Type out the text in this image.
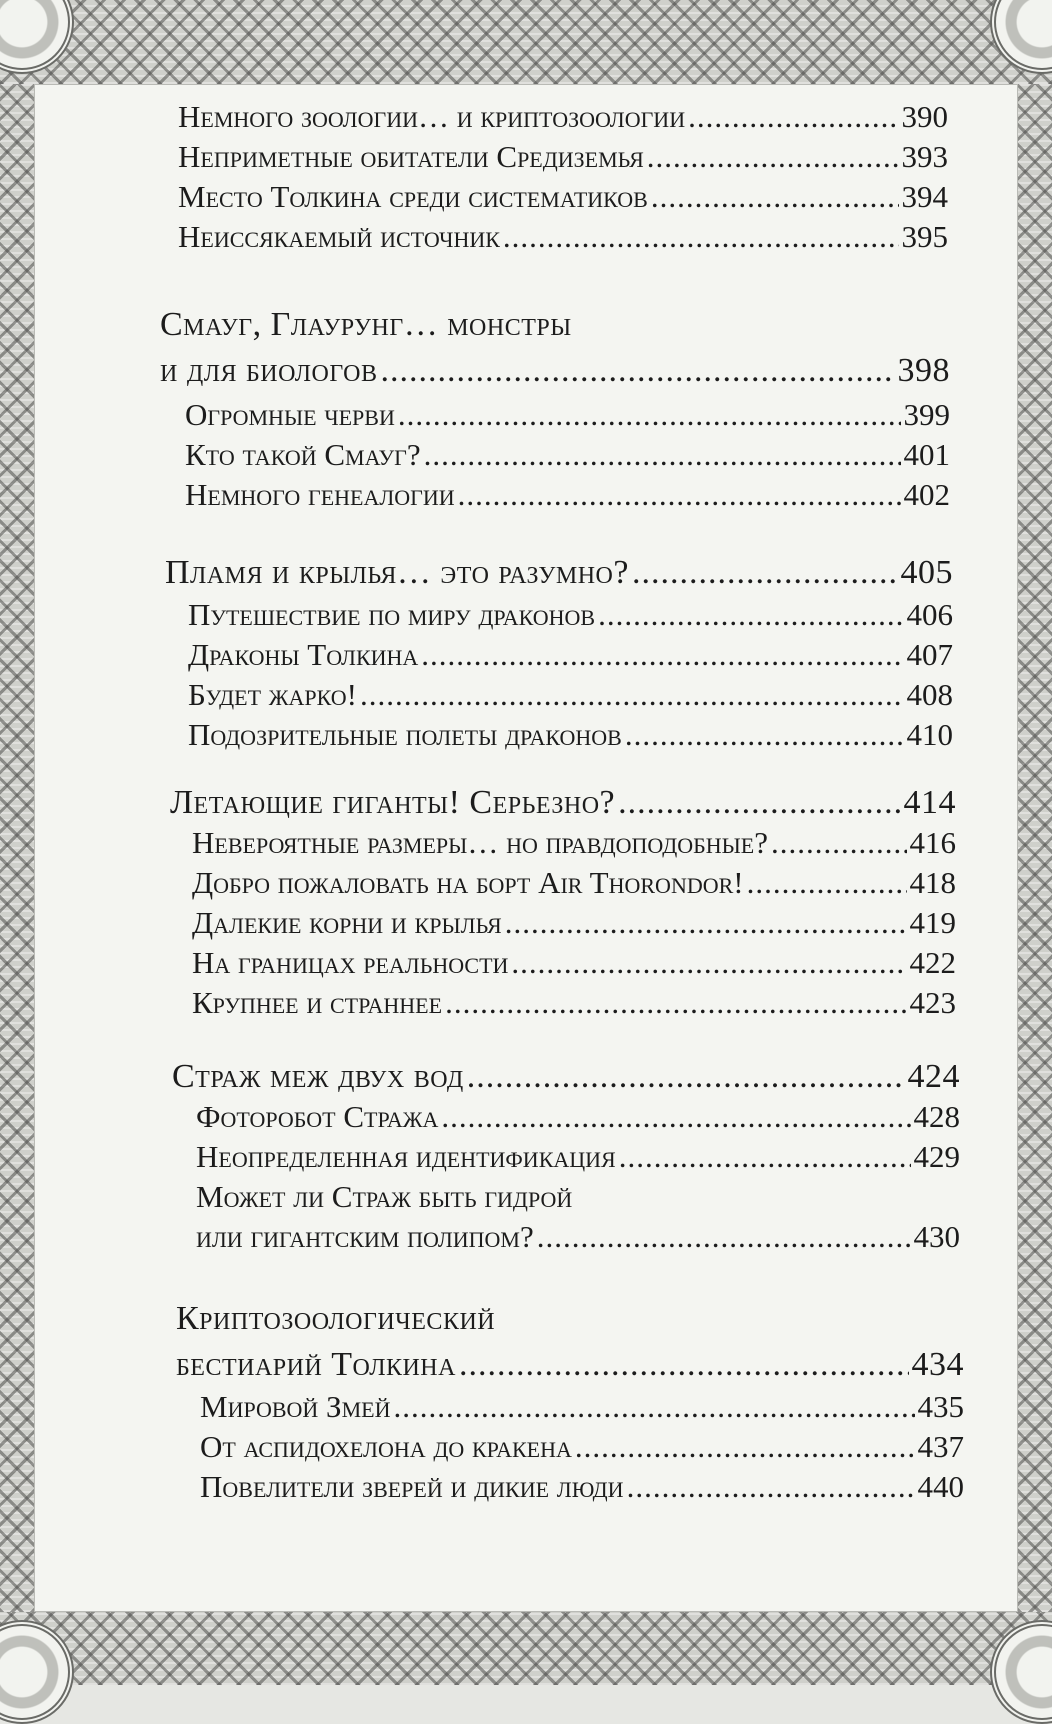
Немного зоологии… и криптозоологии .....	390
Неприметные обитатели Средиземья .....	393
Место Толкина среди систематиков .....	394
Неиссякаемый источник .....	395
Смауг, Глаурунг… монстры
и для биологов .....	398
Огромные черви .....	399
Кто такой Смауг? .....	401
Немного генеалогии .....	402
Пламя и крылья… это разумно? .....	405
Путешествие по миру драконов .....	406
Драконы Толкина .....	407
Будет жарко! .....	408
Подозрительные полеты драконов .....	410
Летающие гиганты! Серьезно? .....	414
Невероятные размеры… но правдоподобные? .....	416
Добро пожаловать на борт Air Thorondor! .....	418
Далекие корни и крылья .....	419
На границах реальности .....	422
Крупнее и страннее .....	423
Страж меж двух вод .....	424
Фоторобот Стража .....	428
Неопределенная идентификация .....	429
Может ли Страж быть гидрой
или гигантским полипом? .....	430
Криптозоологический
бестиарий Толкина .....	434
Мировой Змей .....	435
От аспидохелона до кракена .....	437
Повелители зверей и дикие люди .....	440
